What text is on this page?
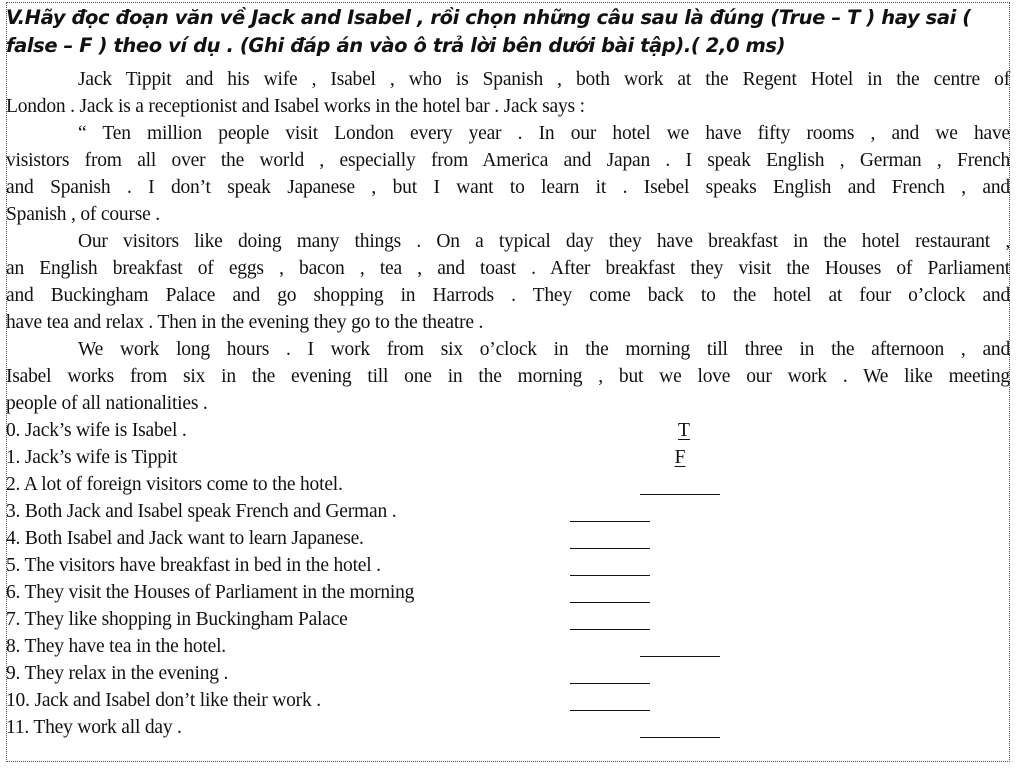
V.Hãy đọc đoạn văn về Jack and Isabel , rồi chọn những câu sau là đúng (True – T ) hay sai (
false – F ) theo ví dụ . (Ghi đáp án vào ô trả lời bên dưới bài tập).( 2,0 ms)
Jack Tippit and his wife , Isabel , who is Spanish , both work at the Regent Hotel in the centre of
London . Jack is a receptionist and Isabel works in the hotel bar . Jack says :
“ Ten million people visit London every year . In our hotel we have fifty rooms , and we have
visistors from all over the world , especially from America and Japan . I speak English , German , French
and Spanish . I don’t speak Japanese , but I want to learn it . Isebel speaks English and French , and
Spanish , of course .
Our visitors like doing many things . On a typical day they have breakfast in the hotel restaurant ,
an English breakfast of eggs , bacon , tea , and toast . After breakfast they visit the Houses of Parliament
and Buckingham Palace and go shopping in Harrods . They come back to the hotel at four o’clock and
have tea and relax . Then in the evening they go to the theatre .
We work long hours . I work from six o’clock in the morning till three in the afternoon , and
Isabel works from six in the evening till one in the morning , but we love our work . We like meeting
people of all nationalities .
0. Jack’s wife is Isabel .	T
1. Jack’s wife is Tippit	F
2. A lot of foreign visitors come to the hotel.
3. Both Jack and Isabel speak French and German .
4. Both Isabel and Jack want to learn Japanese.
5. The visitors have breakfast in bed in the hotel .
6. They visit the Houses of Parliament in the morning
7. They like shopping in Buckingham Palace
8. They have tea in the hotel.
9. They relax in the evening .
10. Jack and Isabel don’t like their work .
11. They work all day .
